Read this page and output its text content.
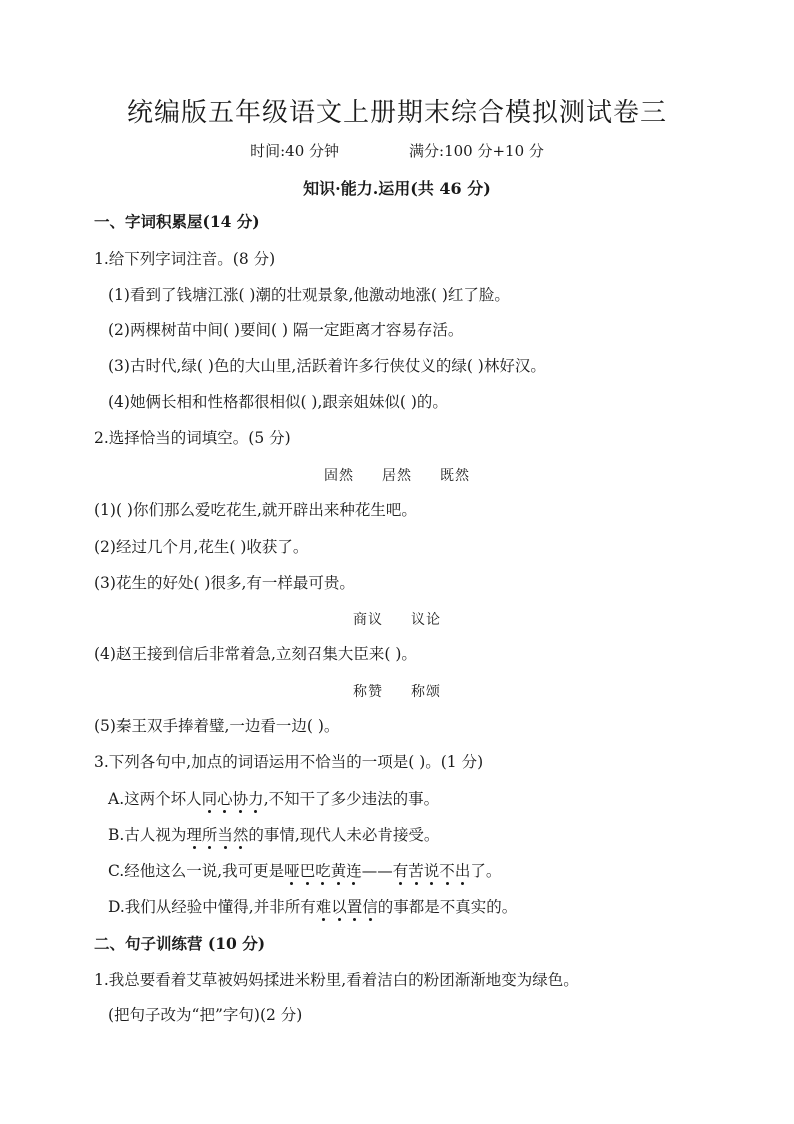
统编版五年级语文上册期末综合模拟测试卷三
时间:40 分钟	满分:100 分+10 分
知识·能力.运用(共 46 分)
一、字词积累屋(14 分)
1.给下列字词注音。(8 分)
(1)看到了钱塘江涨( )潮的壮观景象,他激动地涨( )红了脸。
(2)两棵树苗中间( )要间( ) 隔一定距离才容易存活。
(3)古时代,绿( )色的大山里,活跃着许多行侠仗义的绿( )林好汉。
(4)她俩长相和性格都很相似( ),跟亲姐妹似( )的。
2.选择恰当的词填空。(5 分)
固然 居然 既然
(1)( )你们那么爱吃花生,就开辟出来种花生吧。
(2)经过几个月,花生( )收获了。
(3)花生的好处( )很多,有一样最可贵。
商议 议论
(4)赵王接到信后非常着急,立刻召集大臣来( )。
称赞 称颂
(5)秦王双手捧着璧,一边看一边( )。
3.下列各句中,加点的词语运用不恰当的一项是( )。(1 分)
A.这两个坏人同心协力,不知干了多少违法的事。
B.古人视为理所当然的事情,现代人未必肯接受。
C.经他这么一说,我可更是哑巴吃黄连——有苦说不出了。
D.我们从经验中懂得,并非所有难以置信的事都是不真实的。
二、句子训练营 (10 分)
1.我总要看着艾草被妈妈揉进米粉里,看着洁白的粉团渐渐地变为绿色。
(把句子改为“把”字句)(2 分)
